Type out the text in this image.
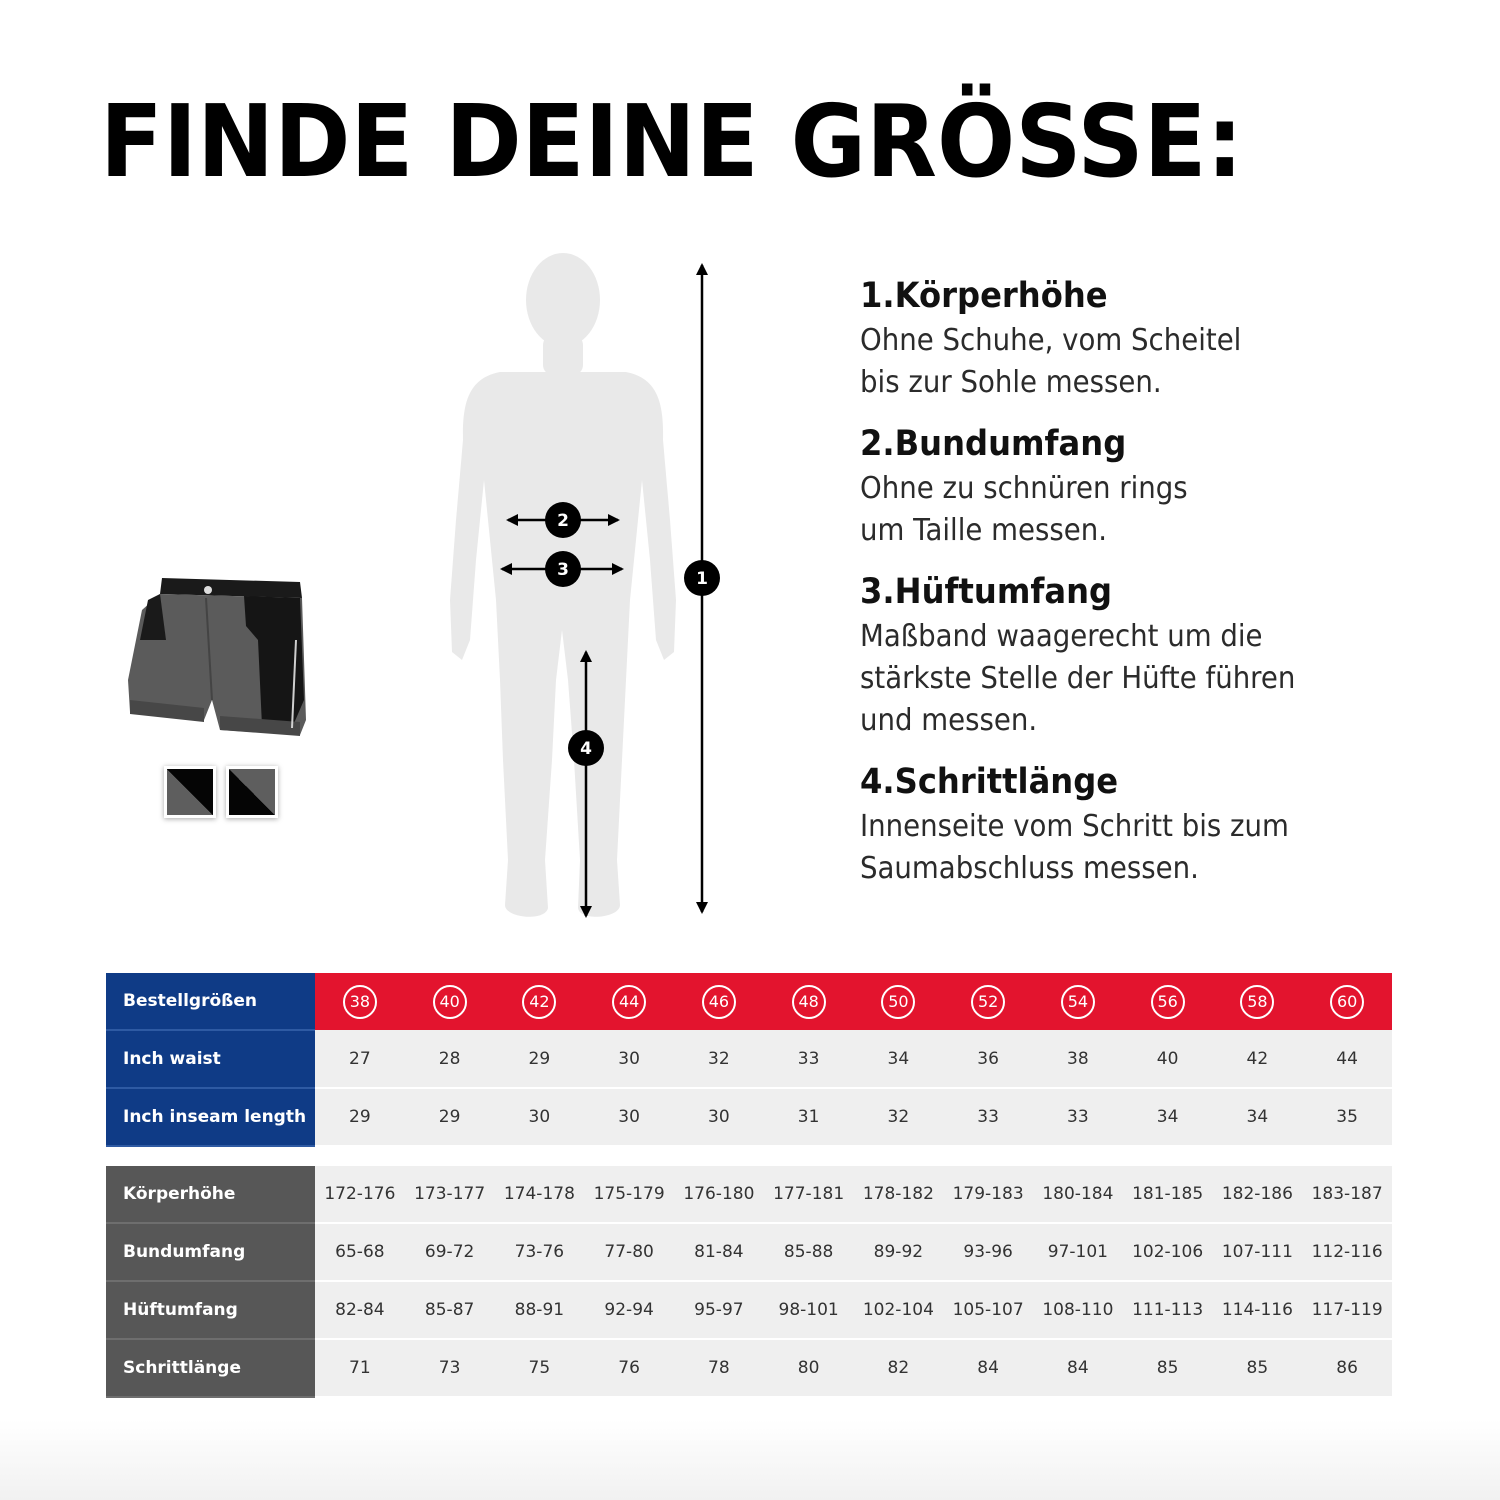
FINDE DEINE GRÖSSE:
1
2
3
4
1.Körperhöhe

Ohne Schuhe, vom Scheitel
bis zur Sohle messen.

2.Bundumfang

Ohne zu schnüren rings
um Taille messen.

3.Hüftumfang

Maßband waagerecht um die
stärkste Stelle der Hüfte führen
und messen.

4.Schrittlänge

Innenseite vom Schritt bis zum
Saumabschluss messen.

Bestellgrößen	38	40	42	44	46	48	50	52	54	56	58	60
Inch waist	27	28	29	30	32	33	34	36	38	40	42	44
Inch inseam length	29	29	30	30	30	31	32	33	33	34	34	35
Körperhöhe	172-176	173-177	174-178	175-179	176-180	177-181	178-182	179-183	180-184	181-185	182-186	183-187
Bundumfang	65-68	69-72	73-76	77-80	81-84	85-88	89-92	93-96	97-101	102-106	107-111	112-116
Hüftumfang	82-84	85-87	88-91	92-94	95-97	98-101	102-104	105-107	108-110	111-113	114-116	117-119
Schrittlänge	71	73	75	76	78	80	82	84	84	85	85	86
